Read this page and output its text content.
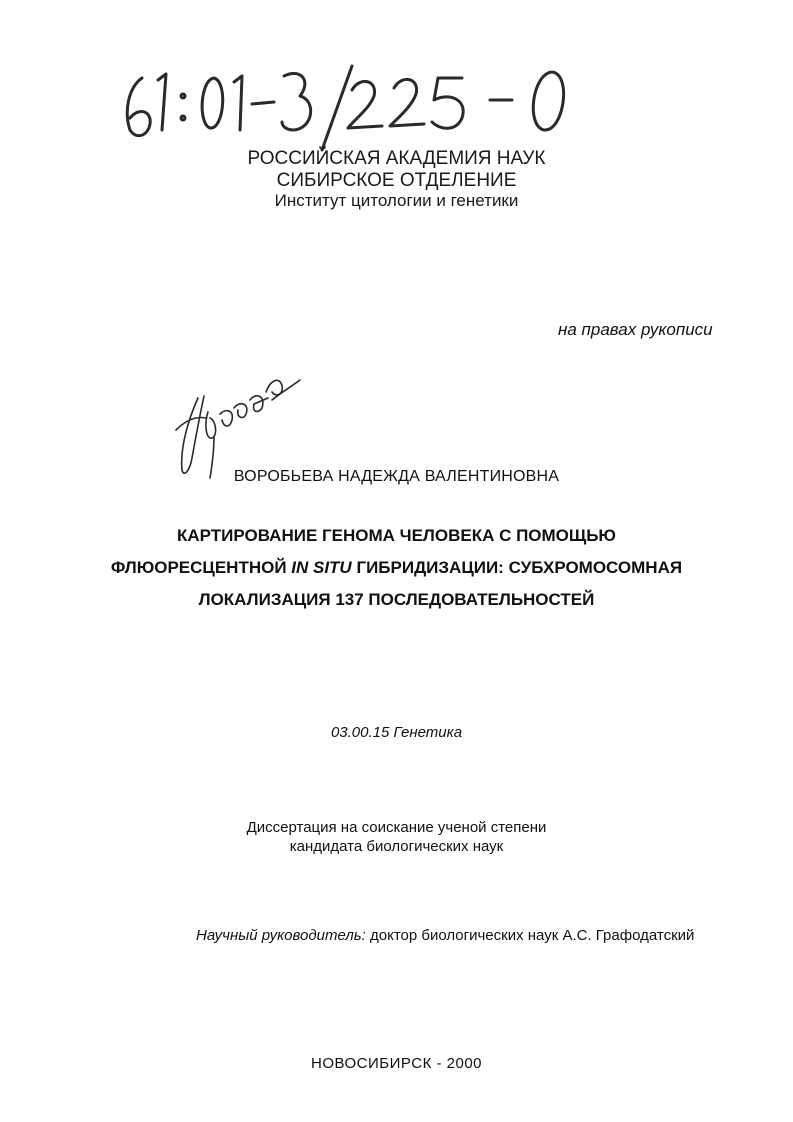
РОССИЙСКАЯ АКАДЕМИЯ НАУК
СИБИРСКОЕ ОТДЕЛЕНИЕ
Институт цитологии и генетики
на правах рукописи
ВОРОБЬЕВА НАДЕЖДА ВАЛЕНТИНОВНА
КАРТИРОВАНИЕ ГЕНОМА ЧЕЛОВЕКА С ПОМОЩЬЮ
ФЛЮОРЕСЦЕНТНОЙ IN SITU ГИБРИДИЗАЦИИ: СУБХРОМОСОМНАЯ
ЛОКАЛИЗАЦИЯ 137 ПОСЛЕДОВАТЕЛЬНОСТЕЙ
03.00.15 Генетика
Диссертация на соискание ученой степени
кандидата биологических наук
Научный руководитель: доктор биологических наук А.С. Графодатский
НОВОСИБИРСК - 2000
